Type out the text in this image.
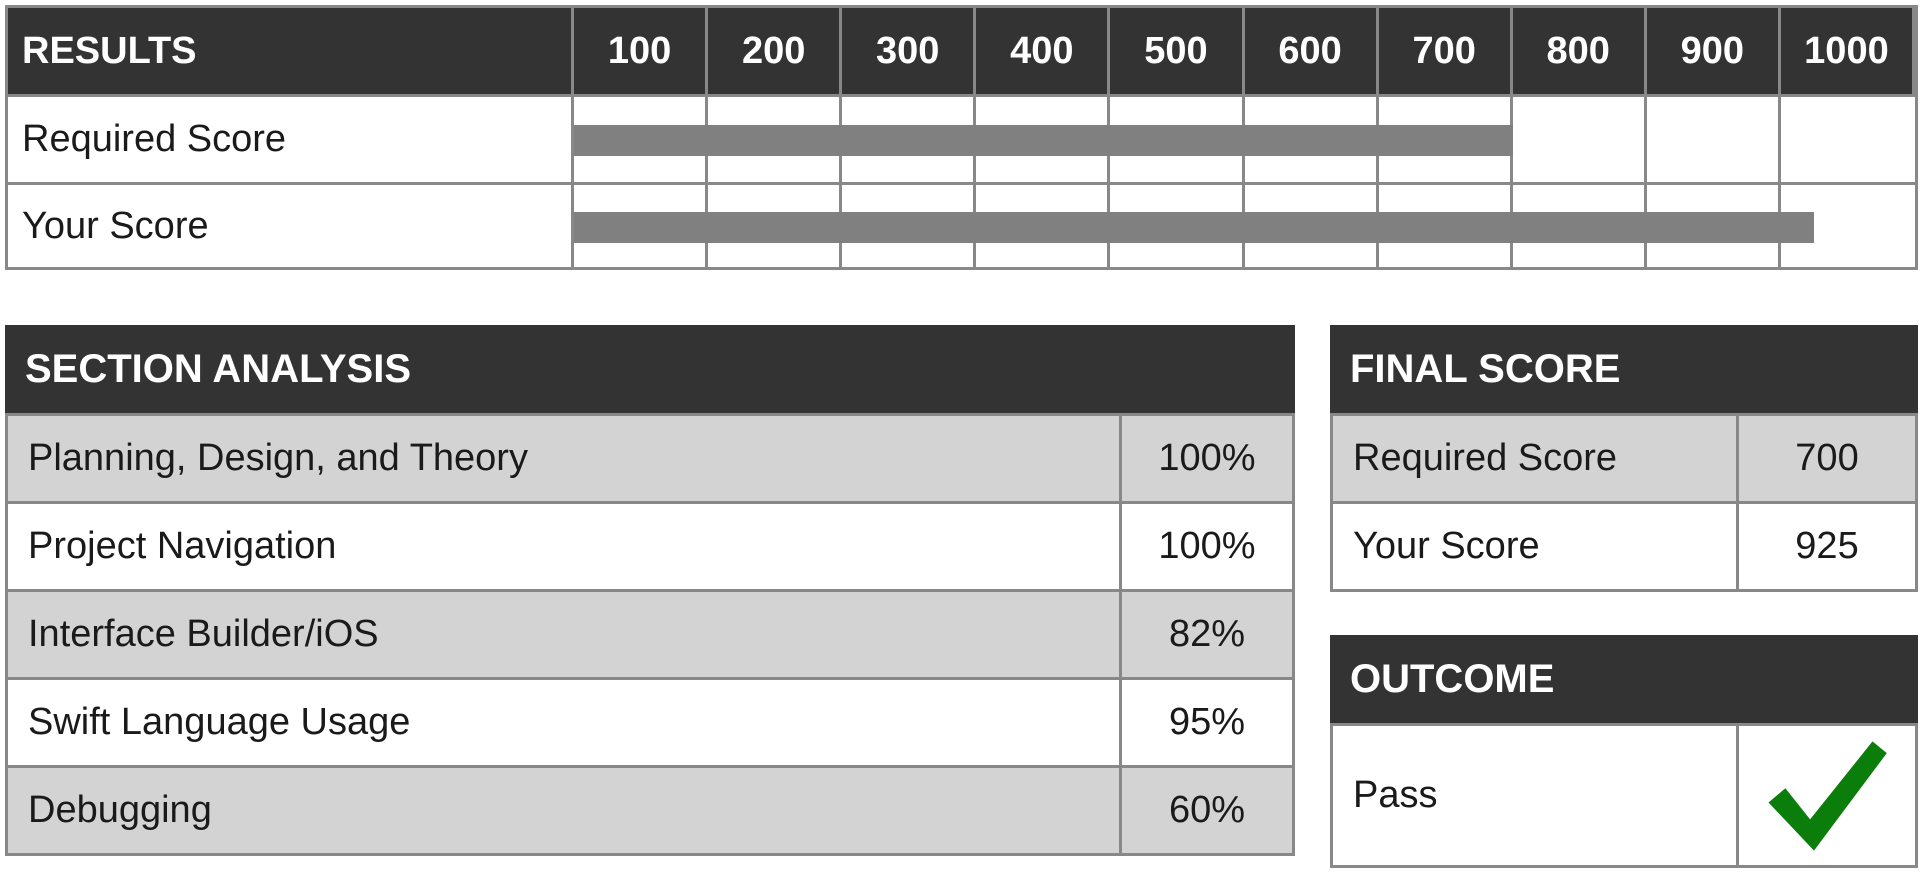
RESULTS	100	200	300	400	500	600	700	800	900	1000
Required Score
Your Score
SECTION ANALYSIS
Planning, Design, and Theory	100%
Project Navigation	100%
Interface Builder/iOS	82%
Swift Language Usage	95%
Debugging	60%
FINAL SCORE
Required Score	700
Your Score	925
OUTCOME
Pass
